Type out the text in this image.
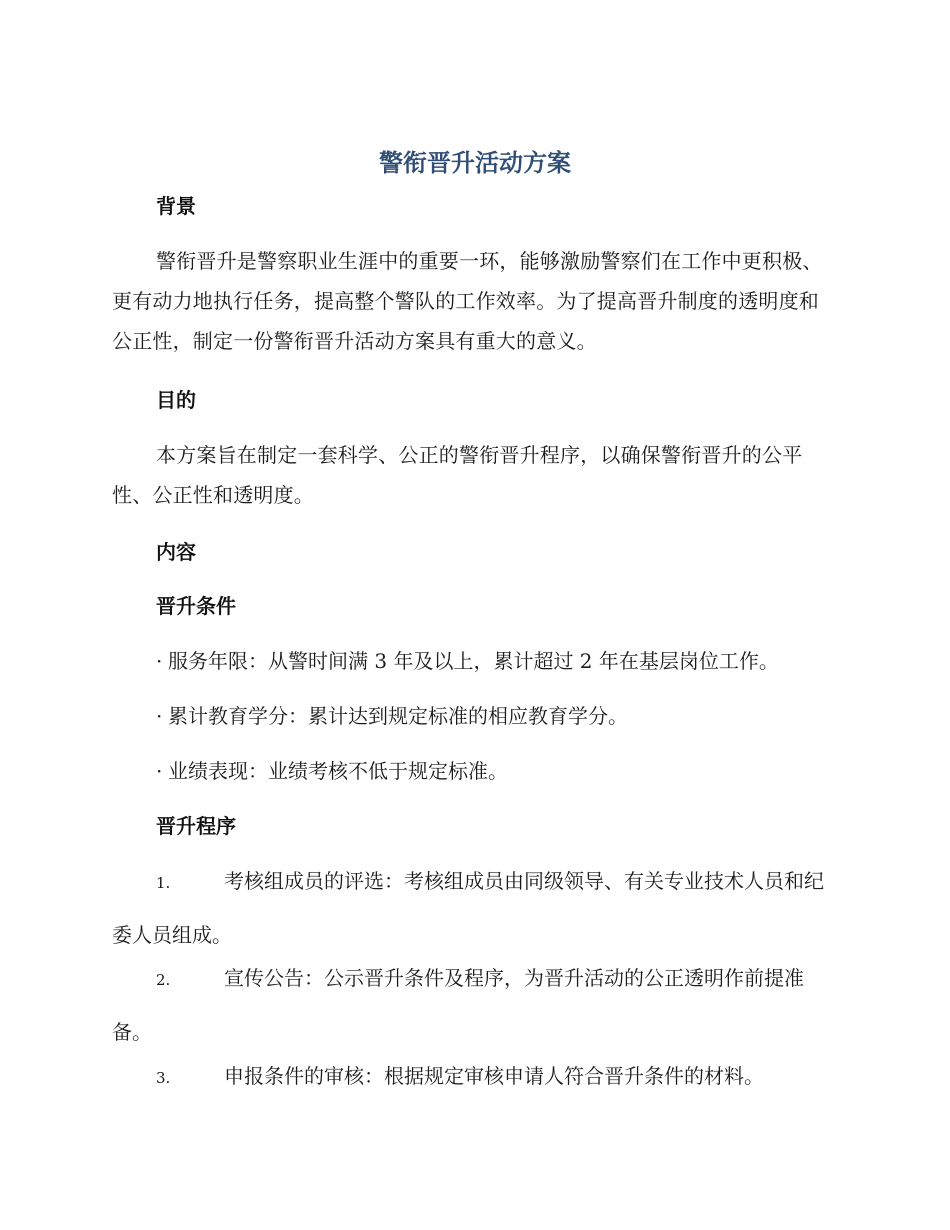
警衔晋升活动方案
背景

警衔晋升是警察职业生涯中的重要一环，能够激励警察们在工作中更积极、更有动力地执行任务，提高整个警队的工作效率。为了提高晋升制度的透明度和公正性，制定一份警衔晋升活动方案具有重大的意义。

目的

本方案旨在制定一套科学、公正的警衔晋升程序，以确保警衔晋升的公平性、公正性和透明度。

内容
晋升条件

· 服务年限：从警时间满 3 年及以上，累计超过 2 年在基层岗位工作。

· 累计教育学分：累计达到规定标准的相应教育学分。

· 业绩表现：业绩考核不低于规定标准。

晋升程序

1.	考核组成员的评选：考核组成员由同级领导、有关专业技术人员和纪委人员组成。

2.	宣传公告：公示晋升条件及程序，为晋升活动的公正透明作前提准备。

3.	申报条件的审核：根据规定审核申请人符合晋升条件的材料。
